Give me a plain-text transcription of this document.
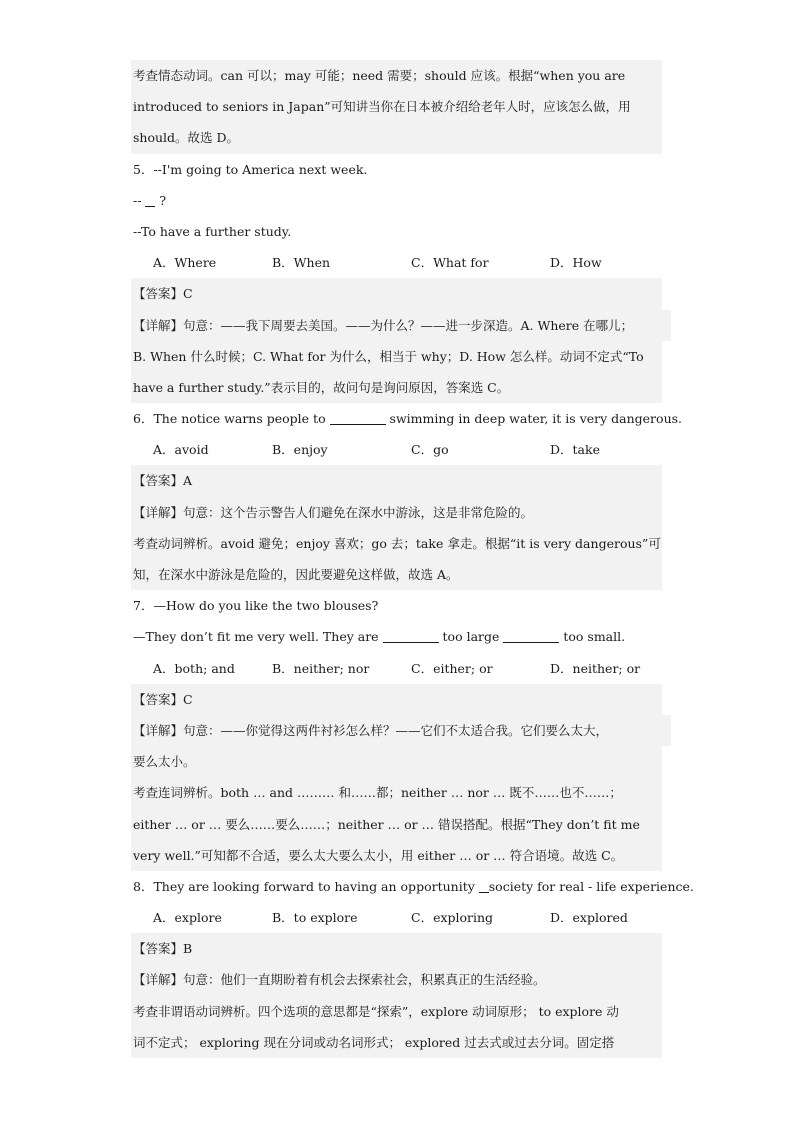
考查情态动词。can 可以；may 可能；need 需要；should 应该。根据“when you are
introduced to seniors in Japan”可知讲当你在日本被介绍给老年人时，应该怎么做，用
should。故选 D。
5．--I'm going to America next week.
--  ?
--To have a further study.
A．Where	B．When	C．What for	D．How
【答案】C
【详解】句意：——我下周要去美国。——为什么？——进一步深造。A. Where 在哪儿；
B. When 什么时候；C. What for 为什么，相当于 why；D. How 怎么样。动词不定式“To
have a further study.”表示目的，故问句是询问原因，答案选 C。
6．The notice warns people to	swimming in deep water, it is very dangerous.
A．avoid	B．enjoy	C．go	D．take
【答案】A
【详解】句意：这个告示警告人们避免在深水中游泳，这是非常危险的。
考查动词辨析。avoid 避免；enjoy 喜欢；go 去；take 拿走。根据“it is very dangerous”可
知，在深水中游泳是危险的，因此要避免这样做，故选 A。
7．—How do you like the two blouses?
—They don’t fit me very well. They are	too large	too small.
A．both; and	B．neither; nor	C．either; or	D．neither; or
【答案】C
【详解】句意：——你觉得这两件衬衫怎么样？——它们不太适合我。它们要么太大，
要么太小。
考查连词辨析。both … and ……… 和……都；neither … nor … 既不……也不……；
either … or … 要么……要么……；neither … or … 错误搭配。根据“They don’t fit me
very well.”可知都不合适，要么太大要么太小，用 either … or … 符合语境。故选 C。
8．They are looking forward to having an opportunity society for real - life experience.
A．explore	B．to explore	C．exploring	D．explored
【答案】B
【详解】句意：他们一直期盼着有机会去探索社会，积累真正的生活经验。
考查非谓语动词辨析。四个选项的意思都是“探索”，explore 动词原形； to explore 动
词不定式； exploring 现在分词或动名词形式； explored 过去式或过去分词。固定搭
